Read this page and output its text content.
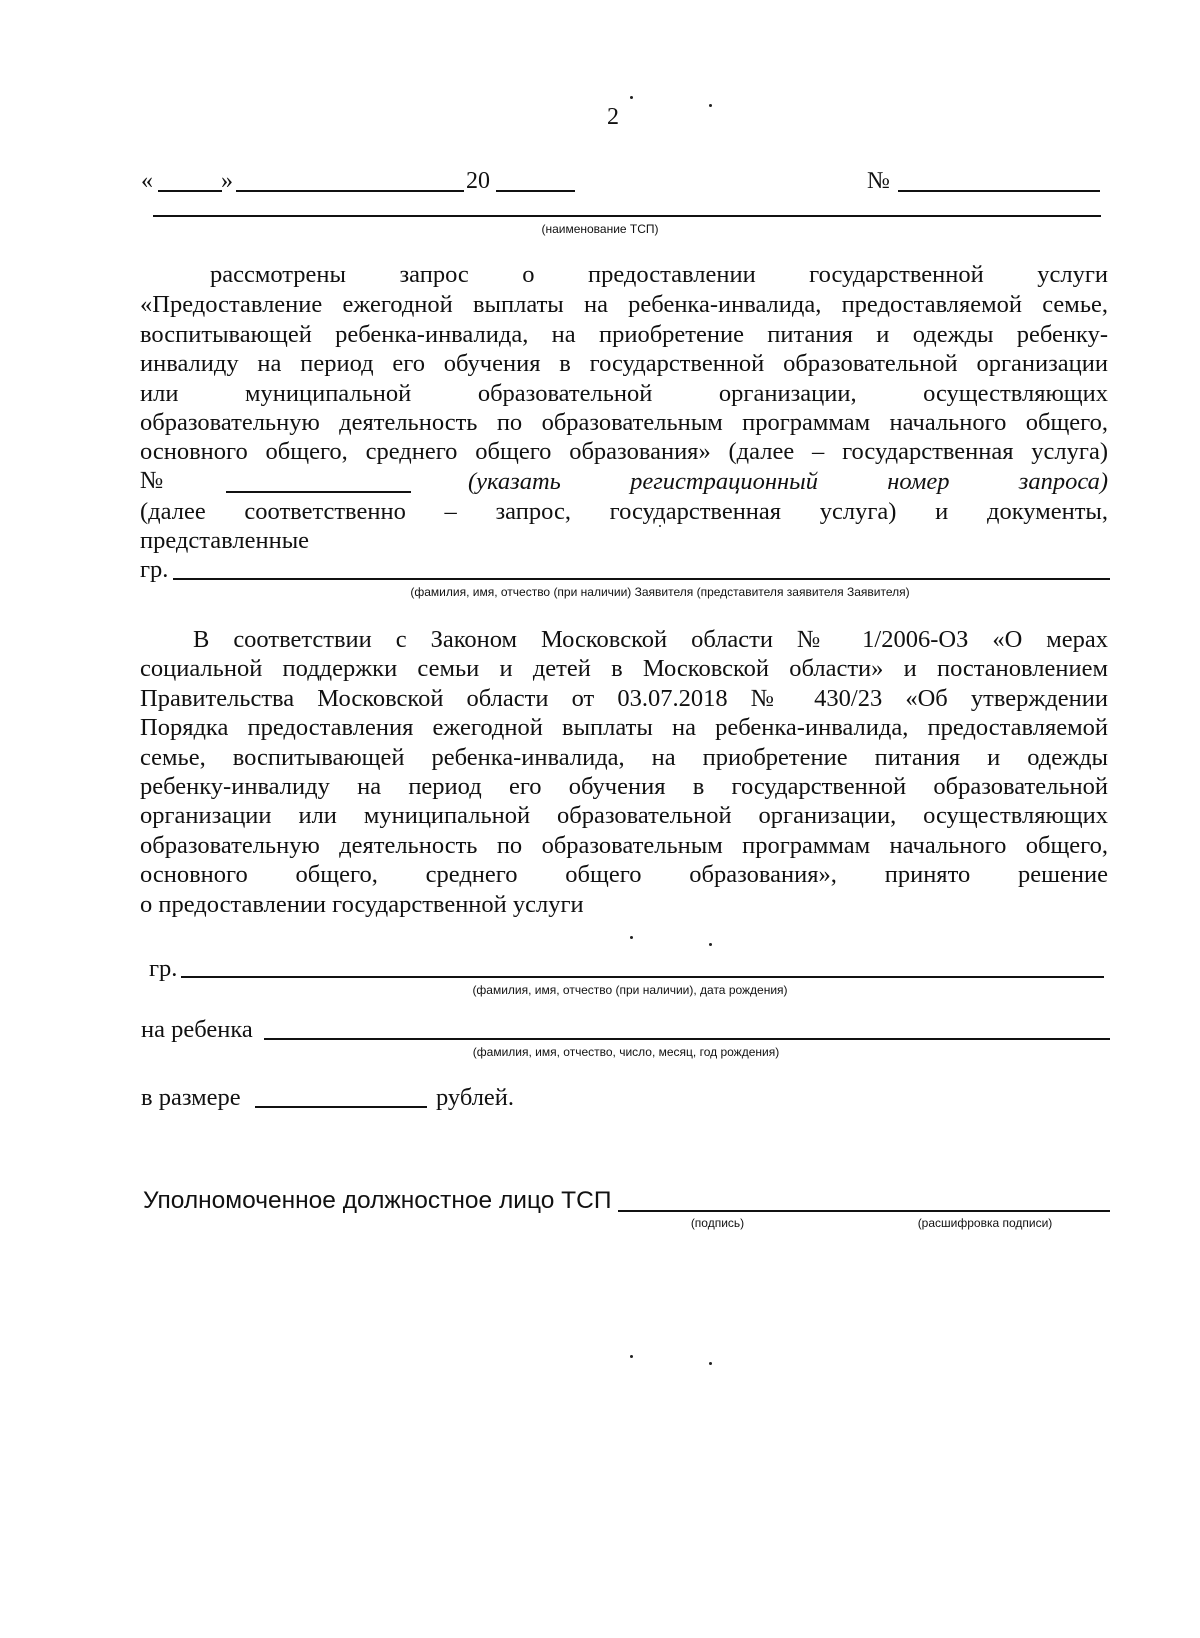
2
«	»	20	№
(наименование ТСП)
рассмотрены запрос о предоставлении государственной услуги
«Предоставление ежегодной выплаты на ребенка-инвалида, предоставляемой семье,
воспитывающей ребенка-инвалида, на приобретение питания и одежды ребенку-
инвалиду на период его обучения в государственной образовательной организации
или муниципальной образовательной организации, осуществляющих
образовательную деятельность по образовательным программам начального общего,
основного общего, среднего общего образования» (далее – государственная услуга)
№	(указать регистрационный номер запроса)
(далее соответственно – запрос, государственная услуга) и документы,
представленные
гр.
(фамилия, имя, отчество (при наличии) Заявителя (представителя заявителя Заявителя)
В соответствии с Законом Московской области № 1/2006-ОЗ «О мерах
социальной поддержки семьи и детей в Московской области» и постановлением
Правительства Московской области от 03.07.2018 № 430/23 «Об утверждении
Порядка предоставления ежегодной выплаты на ребенка-инвалида, предоставляемой
семье, воспитывающей ребенка-инвалида, на приобретение питания и одежды
ребенку-инвалиду на период его обучения в государственной образовательной
организации или муниципальной образовательной организации, осуществляющих
образовательную деятельность по образовательным программам начального общего,
основного общего, среднего общего образования», принято решение
о предоставлении государственной услуги
гр.
(фамилия, имя, отчество (при наличии), дата рождения)
на ребенка
(фамилия, имя, отчество, число, месяц, год рождения)
в размере	рублей.
Уполномоченное должностное лицо ТСП
(подпись)	(расшифровка подписи)
